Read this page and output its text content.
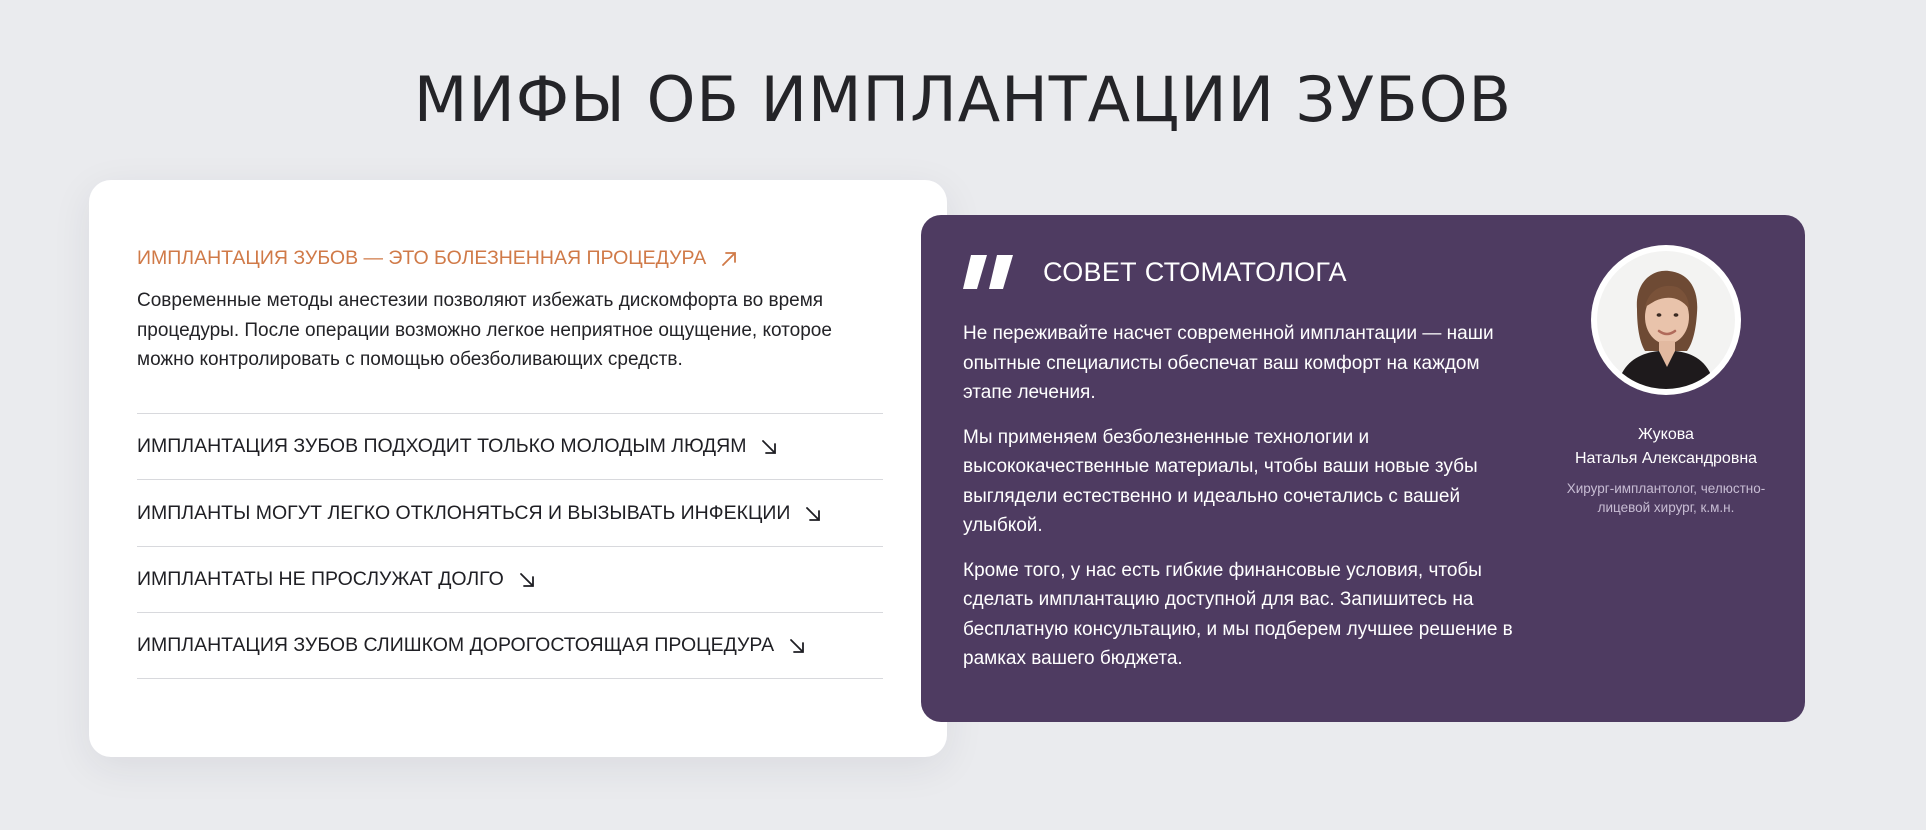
МИФЫ ОБ ИМПЛАНТАЦИИ ЗУБОВ
ИМПЛАНТАЦИЯ ЗУБОВ — ЭТО БОЛЕЗНЕННАЯ ПРОЦЕДУРА

Современные методы анестезии позволяют избежать дискомфорта во время процедуры. После операции возможно легкое неприятное ощущение, которое можно контролировать с помощью обезболивающих средств.

ИМПЛАНТАЦИЯ ЗУБОВ ПОДХОДИТ ТОЛЬКО МОЛОДЫМ ЛЮДЯМ
ИМПЛАНТЫ МОГУТ ЛЕГКО ОТКЛОНЯТЬСЯ И ВЫЗЫВАТЬ ИНФЕКЦИИ
ИМПЛАНТАТЫ НЕ ПРОСЛУЖАТ ДОЛГО
ИМПЛАНТАЦИЯ ЗУБОВ СЛИШКОМ ДОРОГОСТОЯЩАЯ ПРОЦЕДУРА
СОВЕТ СТОМАТОЛОГА

Не переживайте насчет современной имплантации — наши опытные специалисты обеспечат ваш комфорт на каждом этапе лечения.

Мы применяем безболезненные технологии и высококачественные материалы, чтобы ваши новые зубы выглядели естественно и идеально сочетались с вашей улыбкой.

Кроме того, у нас есть гибкие финансовые условия, чтобы сделать имплантацию доступной для вас. Запишитесь на бесплатную консультацию, и мы подберем лучшее решение в рамках вашего бюджета.

Жукова
Наталья Александровна
Хирург-имплантолог, челюстно-лицевой хирург, к.м.н.
